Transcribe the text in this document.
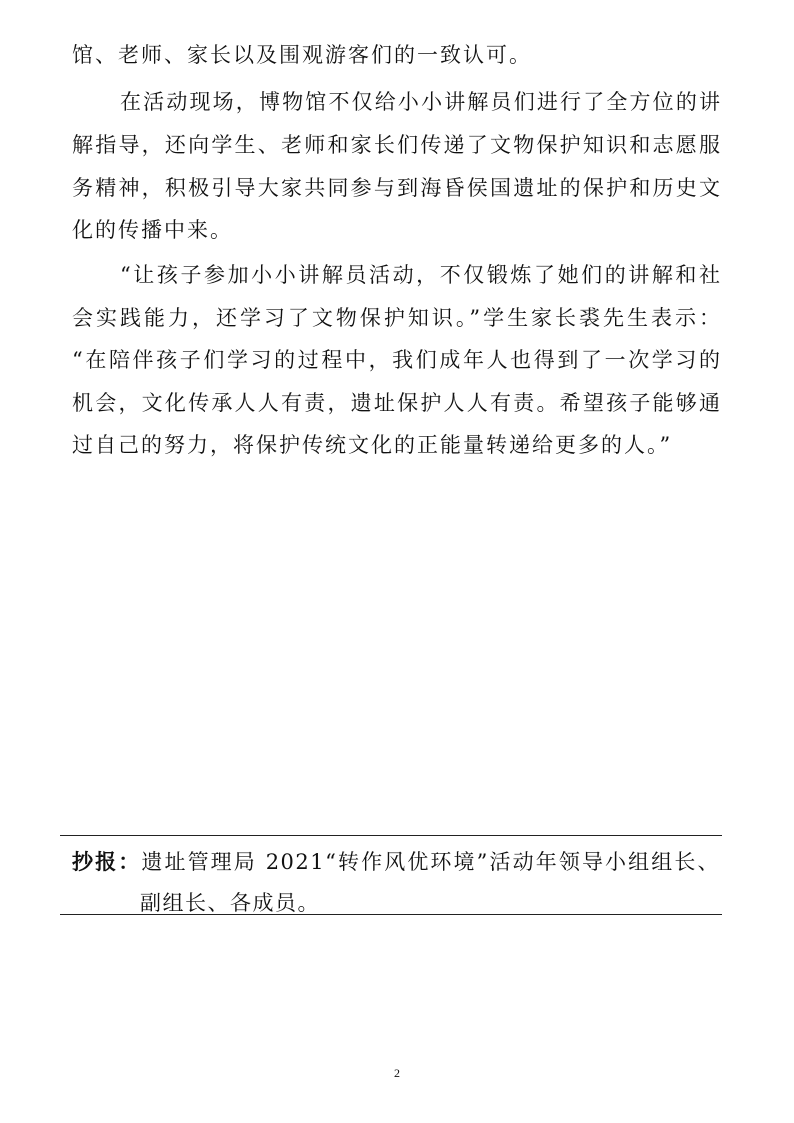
馆、老师、家长以及围观游客们的一致认可。
在活动现场，博物馆不仅给小小讲解员们进行了全方位的讲
解指导，还向学生、老师和家长们传递了文物保护知识和志愿服
务精神，积极引导大家共同参与到海昏侯国遗址的保护和历史文
化的传播中来。
“让孩子参加小小讲解员活动，不仅锻炼了她们的讲解和社
会实践能力，还学习了文物保护知识。”学生家长裘先生表示：
“在陪伴孩子们学习的过程中，我们成年人也得到了一次学习的
机会，文化传承人人有责，遗址保护人人有责。希望孩子能够通
过自己的努力，将保护传统文化的正能量转递给更多的人。”
抄报：遗址管理局 2021“转作风优环境”活动年领导小组组长、
副组长、各成员。
2
